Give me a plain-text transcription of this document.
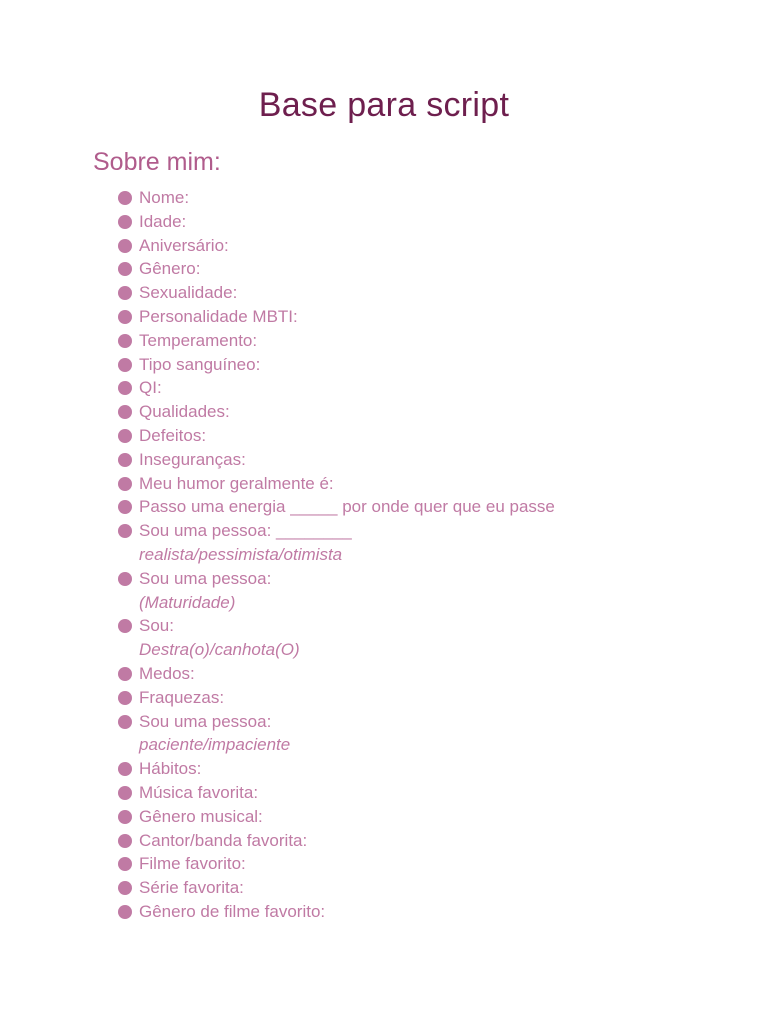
Base para script
Sobre mim:
Nome:
Idade:
Aniversário:
Gênero:
Sexualidade:
Personalidade MBTI:
Temperamento:
Tipo sanguíneo:
QI:
Qualidades:
Defeitos:
Inseguranças:
Meu humor geralmente é:
Passo uma energia _____ por onde quer que eu passe
Sou uma pessoa: ________
realista/pessimista/otimista
Sou uma pessoa:
(Maturidade)
Sou:
Destra(o)/canhota(O)
Medos:
Fraquezas:
Sou uma pessoa:
paciente/impaciente
Hábitos:
Música favorita:
Gênero musical:
Cantor/banda favorita:
Filme favorito:
Série favorita:
Gênero de filme favorito:
